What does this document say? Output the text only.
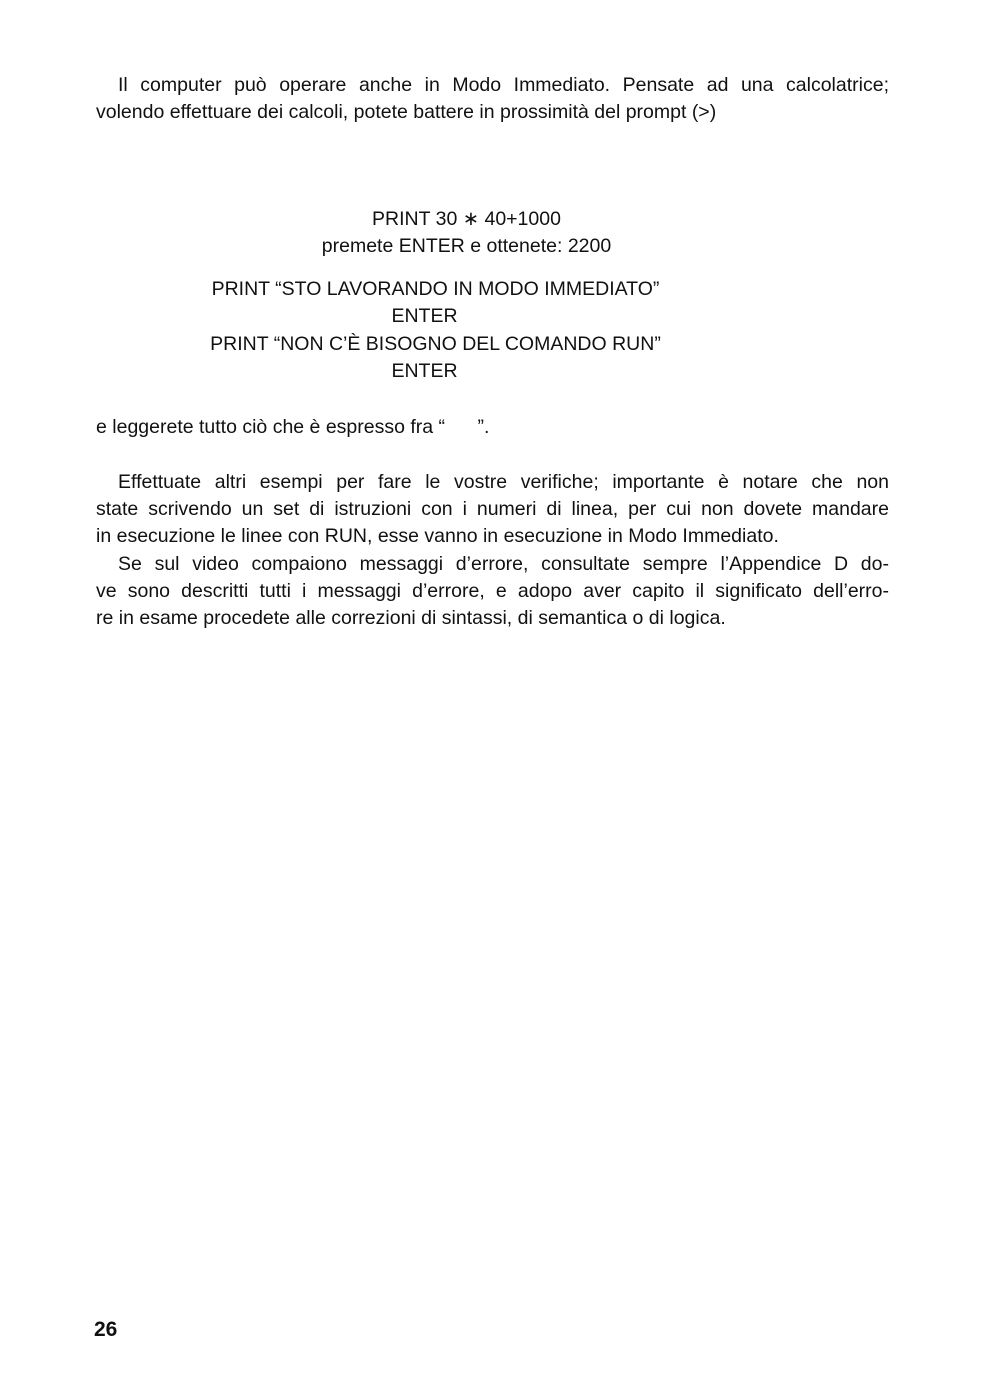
Il computer può operare anche in Modo Immediato. Pensate ad una calcolatrice;
volendo effettuare dei calcoli, potete battere in prossimità del prompt (>)
PRINT 30 ∗ 40+1000
premete ENTER e ottenete: 2200
PRINT “STO LAVORANDO IN MODO IMMEDIATO”
ENTER
PRINT “NON C’È BISOGNO DEL COMANDO RUN”
ENTER
e leggerete tutto ciò che è espresso fra “      ”.
Effettuate altri esempi per fare le vostre verifiche; importante è notare che non
state scrivendo un set di istruzioni con i numeri di linea, per cui non dovete mandare
in esecuzione le linee con RUN, esse vanno in esecuzione in Modo Immediato.
Se sul video compaiono messaggi d’errore, consultate sempre l’Appendice D do-
ve sono descritti tutti i messaggi d’errore, e adopo aver capito il significato dell’erro-
re in esame procedete alle correzioni di sintassi, di semantica o di logica.
26
